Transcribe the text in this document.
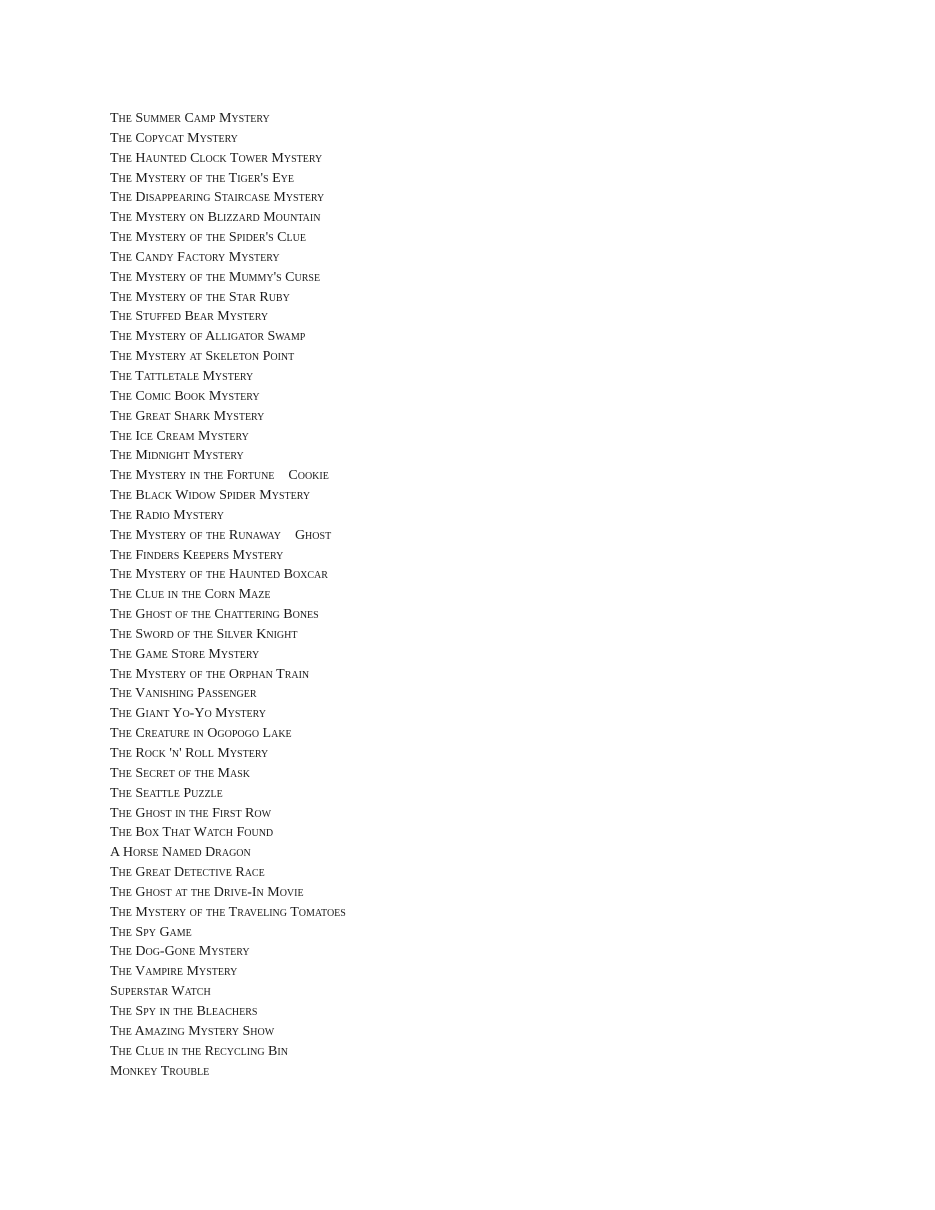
The Summer Camp Mystery
The Copycat Mystery
The Haunted Clock Tower Mystery
The Mystery of the Tiger's Eye
The Disappearing Staircase Mystery
The Mystery on Blizzard Mountain
The Mystery of the Spider's Clue
The Candy Factory Mystery
The Mystery of the Mummy's Curse
The Mystery of the Star Ruby
The Stuffed Bear Mystery
The Mystery of Alligator Swamp
The Mystery at Skeleton Point
The Tattletale Mystery
The Comic Book Mystery
The Great Shark Mystery
The Ice Cream Mystery
The Midnight Mystery
The Mystery in the Fortune    Cookie
The Black Widow Spider Mystery
The Radio Mystery
The Mystery of the Runaway    Ghost
The Finders Keepers Mystery
The Mystery of the Haunted Boxcar
The Clue in the Corn Maze
The Ghost of the Chattering Bones
The Sword of the Silver Knight
The Game Store Mystery
The Mystery of the Orphan Train
The Vanishing Passenger
The Giant Yo-Yo Mystery
The Creature in Ogopogo Lake
The Rock 'n' Roll Mystery
The Secret of the Mask
The Seattle Puzzle
The Ghost in the First Row
The Box That Watch Found
A Horse Named Dragon
The Great Detective Race
The Ghost at the Drive-In Movie
The Mystery of the Traveling Tomatoes
The Spy Game
The Dog-Gone Mystery
The Vampire Mystery
Superstar Watch
The Spy in the Bleachers
The Amazing Mystery Show
The Clue in the Recycling Bin
Monkey Trouble
